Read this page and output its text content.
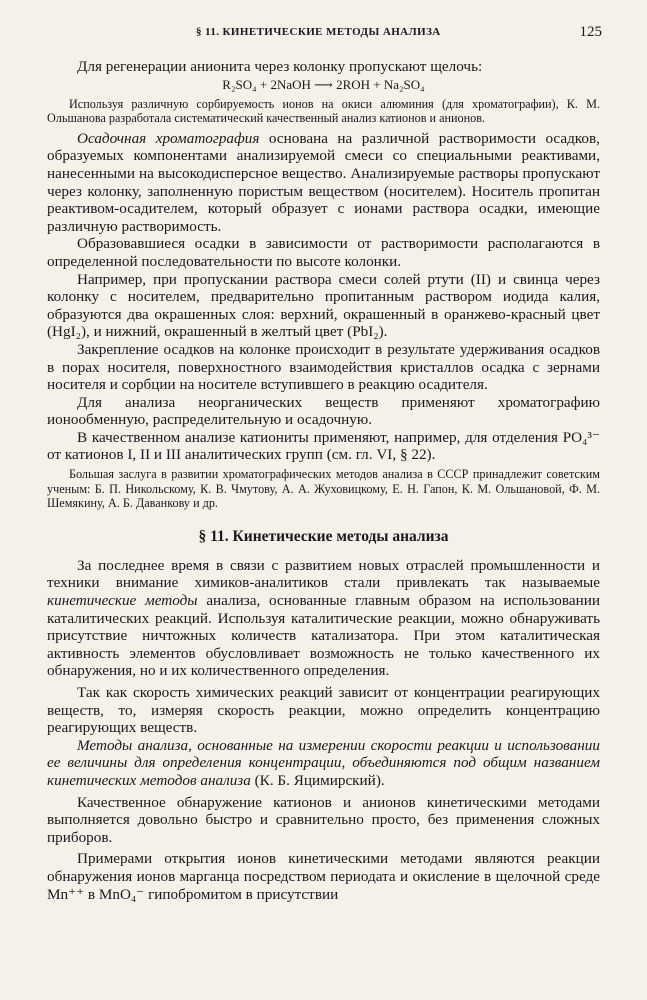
§ 11. КИНЕТИЧЕСКИЕ МЕТОДЫ АНАЛИЗА	125

Для регенерации анионита через колонку пропускают щелочь:

R₂SO₄ + 2NaOH ⟶ 2ROH + Na₂SO₄

Используя различную сорбируемость ионов на окиси алюминия (для хроматографии), К. М. Ольшанова разработала систематический качественный анализ катионов и анионов.

Осадочная хроматография основана на различной растворимости осадков, образуемых компонентами анализируемой смеси со специальными реактивами, нанесенными на высокодисперсное вещество. Анализируемые растворы пропускают через колонку, заполненную пористым веществом (носителем). Носитель пропитан реактивом-осадителем, который образует с ионами раствора осадки, имеющие различную растворимость.

Образовавшиеся осадки в зависимости от растворимости располагаются в определенной последовательности по высоте колонки.

Например, при пропускании раствора смеси солей ртути (II) и свинца через колонку с носителем, предварительно пропитанным раствором иодида калия, образуются два окрашенных слоя: верхний, окрашенный в оранжево-красный цвет (HgI₂), и нижний, окрашенный в желтый цвет (PbI₂).

Закрепление осадков на колонке происходит в результате удерживания осадков в порах носителя, поверхностного взаимодействия кристаллов осадка с зернами носителя и сорбции на носителе вступившего в реакцию осадителя.

Для анализа неорганических веществ применяют хроматографию ионообменную, распределительную и осадочную.

В качественном анализе катиониты применяют, например, для отделения PO₄³⁻ от катионов I, II и III аналитических групп (см. гл. VI, § 22).

Большая заслуга в развитии хроматографических методов анализа в СССР принадлежит советским ученым: Б. П. Никольскому, К. В. Чмутову, А. А. Жуховицкому, Е. Н. Гапон, К. М. Ольшановой, Ф. М. Шемякину, А. Б. Даванкову и др.

§ 11. Кинетические методы анализа

За последнее время в связи с развитием новых отраслей промышленности и техники внимание химиков-аналитиков стали привлекать так называемые кинетические методы анализа, основанные главным образом на использовании каталитических реакций. Используя каталитические реакции, можно обнаруживать присутствие ничтожных количеств катализатора. При этом каталитическая активность элементов обусловливает возможность не только качественного их обнаружения, но и их количественного определения.

Так как скорость химических реакций зависит от концентрации реагирующих веществ, то, измеряя скорость реакции, можно определить концентрацию реагирующих веществ.

Методы анализа, основанные на измерении скорости реакции и использовании ее величины для определения концентрации, объединяются под общим названием кинетических методов анализа (К. Б. Яцимирский).

Качественное обнаружение катионов и анионов кинетическими методами выполняется довольно быстро и сравнительно просто, без применения сложных приборов.

Примерами открытия ионов кинетическими методами являются реакции обнаружения ионов марганца посредством периодата и окисление в щелочной среде Mn⁺⁺ в MnO₄⁻ гипобромитом в присутствии
